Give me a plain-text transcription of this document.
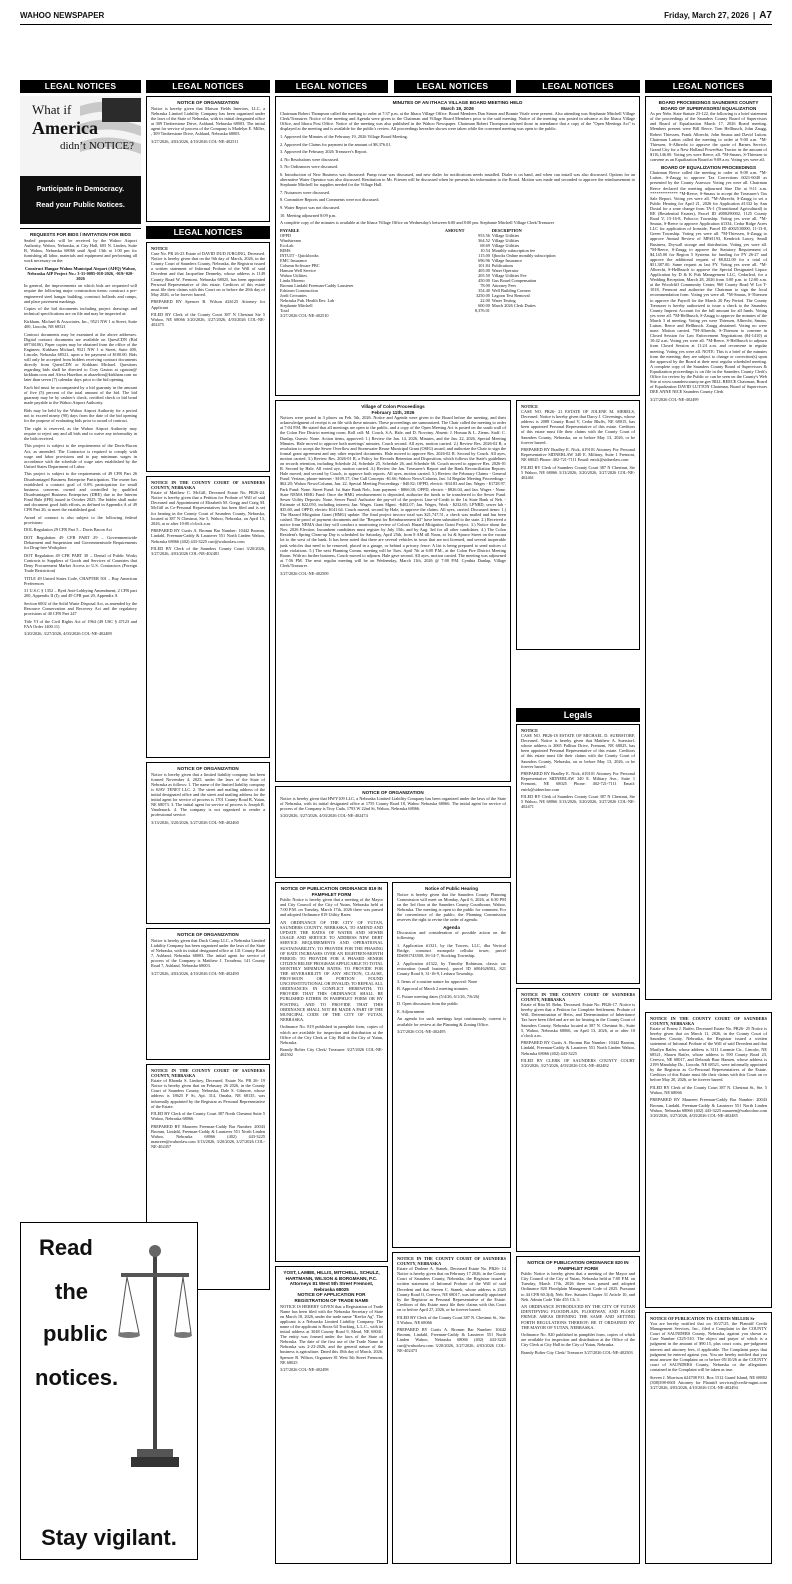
WAHOO NEWSPAPER	Friday, March 27, 2026 | A7
LEGAL NOTICES	LEGAL NOTICES	LEGAL NOTICES	LEGAL NOTICES	LEGAL NOTICES	LEGAL NOTICES
LEGAL NOTICES
What if
America
didn’t NOTICE?
Participate in Democracy.
Read your Public Notices.
REQUESTS FOR BIDS / INVITATION FOR BIDS

Sealed proposals will be received by the Wahoo Airport Authority, Wahoo, Nebraska, at City Hall, 605 N. Linden, Suite B, Wahoo, Nebraska 68066 until April 13th at 1:00 pm for furnishing all labor, materials and equipment and performing all work necessary on the:

Construct Hangar Wahoo Municipal Airport (AHQ) Wahoo, Nebraska AIP Project No.: 3-31-0085-018-2026, -019/-020-2026

In general, the improvements on which bids are requested will require the following major construction items: construct a pre-engineered steel hangar building, construct bollards and ramps, and place pavement markings.

Copies of the bid documents including project drawings and technical specifications are on file and may be inspected at:

Kirkham, Michael & Associates, Inc., 9521 NW 1 st Street, Suite 400, Lincoln, NE 68521

Contract documents may be examined at the above addresses. Digital contract documents are available on QuestCDN (Bid #9736106). Paper copies may be obtained from the office of the Engineer, Kirkham Michael, 9521 NW 1 st Street, Suite 400, Lincoln, Nebraska 68521, upon a fee payment of $100.00. Bids will only be accepted from bidders receiving contract documents directly from QuestCDN or Kirkham Michael. Questions regarding bids shall be directed to Cory Gaston at cgaston@ kirkham.com and Alexa Hazelton at ahazelton@kirkham.com no later than seven (7) calendar days prior to the bid opening.

Each bid must be accompanied by a bid guaranty in the amount of five (5) percent of the total amount of the bid. The bid guaranty may be by cashier's check, certified check or bid bond made payable to the Wahoo Airport Authority.

Bids may be held by the Wahoo Airport Authority for a period not to exceed ninety (90) days from the date of the bid opening for the purpose of evaluating bids prior to award of contract.

The right is reserved, as the Wahoo Airport Authority may require to reject any and all bids and to waive any informality in the bids received.

This project is subject to the requirements of the Davis-Bacon Act, as amended. The Contractor is required to comply with wage and labor provisions and to pay minimum wages in accordance with the schedule of wage rates established by the United States Department of Labor.

This project is subject to the requirements of 49 CFR Part 26 Disadvantaged Business Enterprise Participation. The owner has established a contract goal of 0.0% participation for small business concerns owned and controlled by qualified Disadvantaged Business Enterprises (DBE) due to the Interim Final Rule (IFR) issued in October 2025. The bidder shall make and document good faith efforts, as defined in Appendix A of 49 CFR Part 26, to meet the established goal.

Award of contract is also subject to the following federal provisions:

DOL Regulation 29 CFR Part 5 – Davis Bacon Act

DOT Regulation 49 CFR PART 29 – Governmentwide Debarment and Suspension and Governmentwide Requirements for Drug-free Workplace

DOT Regulation 49 CFR PART 30 – Denial of Public Works Contracts to Suppliers of Goods and Services of Countries that Deny Procurement Market Access to U.S. Contractors (Foreign Trade Restriction)

TITLE 49 United States Code, CHAPTER 501 – Buy American Preferences

31 U.S.C § 1352 – Byrd Anti-Lobbying Amendment; 2 CFR part 200, Appendix II (I); and 49 CFR part 20, Appendix A

Section 6002 of the Solid Waste Disposal Act, as amended by the Resource Conservation and Recovery Act and the regulatory provisions of 40 CFR Part 247

Title VI of the Civil Rights Act of 1964 (49 USC § 47123 and FAA Order 1400.11)

3/20/2026, 3/27/2026, 4/03/2026 COL-NE-402489

NOTICE OF ORGANIZATION

Notice is hereby given that Maison Fields Interiors, LLC, a Nebraska Limited Liability Company has been organized under the laws of the State of Nebraska, with its initial designated office at 309 Timberstone Drive, Ashland, Nebraska 68003. The initial agent for service of process of the Company is Madelyn E. Miller, , 309 Timberstone Drive, Ashland, Nebraska 68003.

3/27/2026, 4/03/2026, 4/10/2026 COL-NE-402511

NOTICE

Case No. PR 26-23 Estate of DAVID DUD JURGING, Deceased. Notice is hereby given that on the 9th day of March, 2026, in the County Court of Saunders County, Nebraska, the Registrar issued a written statement of Informal Probate of the Will of said Decedent and that Jacqueline Dennehy, whose address is 1149 County Road W, Fremont, Nebraska 68025, has been appointed Personal Representative of this estate. Creditors of this estate must file their claims with this Court on or before the 20th day of May 2026, or be forever barred.

PREPARED BY Spencer B. Wilson #26125 Attorney for Applicant

FILED BY Clerk of the County Court 387 N Chestnut Ste 5 Wahoo, NE 68066 3/20/2026, 3/27/2026, 4/03/2026 COL-NE-402475

NOTICE IN THE COUNTY COURT OF SAUNDERS COUNTY, NEBRASKA

Estate of Matthew C. McGill, Deceased Estate No. PR26-24. Notice is hereby given that a Petition for Probate of Will of said Deceased and Appointment of Elizabeth M. Gregg and Craig M. McGill as Co-Personal Representatives has been filed and is set for hearing in the County Court of Saunders County, Nebraska, located at 387 N Chestnut, Ste 5, Wahoo, Nebraska, on April 13, 2026, at or after 10:00 o'clock a.m.

PREPARED BY Curtis A. Bromm Bar Number: 10442 Bromm, Lindahl, Freeman-Caddy & Lausterer 551 North Linden Wahoo, Nebraska 68066 (402) 443-3225 curt@wahoolaw.com

FILED BY Clerk of the Saunders County Court 3/20/2026, 3/27/2026, 4/03/2026 COL-NE-402481

NOTICE OF ORGANIZATION

Notice is hereby given that a limited liability company has been formed November 4, 2025, under the laws of the State of Nebraska as follows: 1. The name of the limited liability company is SJAV TENET LLC. 2. The street and mailing address of the initial designated office and the street and mailing address for the initial agent for service of process is 1701 County Road B, Yutan, NE 68073. 3. The initial agent for service of process is Joseph R. Vandenack. 4. The company is not organized to render a professional service.

3/13/2026, 3/20/2026, 3/27/2026 COL-NE-402460

NOTICE OF ORGANIZATION

Notice is hereby given that Duck Camp LLC, a Nebraska Limited Liability Company has been organized under the laws of the State of Nebraska, with its initial designated office at 141 County Road 7, Ashland, Nebraska 68003. The initial agent for service of process of the Company is Matthew J. Troudeau, 141 County Road 7, Ashland, Nebraska 68003.

3/27/2026, 4/03/2026, 4/10/2026 COL-NE-402490

NOTICE IN THE COUNTY COURT OF SAUNDERS COUNTY, NEBRASKA

Estate of Rhonda S. Lindsey, Deceased. Estate No. PR 26- 19 Notice is hereby given that on February 26 2026, in the County Court of Saunders County, Nebraska, Dale S. Gilmore, whose address is 18625 F St, Apt. 314, Omaha, NE 68135, was informally appointed by the Registrar as Personal Representative of the Estate.

FILED BY Clerk of the County Court 387 North Chestnut Suite 5 Wahoo, Nebraska 68066

PREPARED BY Maureen Freeman-Caddy Bar Number: 20043 Bromm, Lindahl, Freeman-Caddy & Lausterer 551 North Linden Wahoo, Nebraska 68066 (402) 443-3225 maureen@wahoolaw.com 3/13/2026, 3/20/2026, 3/27/2026 COL-NE-402457

Read
the
public
notices.
Stay vigilant.
MINUTES OF AN ITHACA VILLAGE BOARD MEETING HELD
March 19, 2026

Chairman Robert Thompson called the meeting to order at 7:37 p.m. at the Ithaca Village Office. Board Members Dan Simon and Bonnie Vitale were present. Also attending was Stephanie Mitchell Village Clerk/Treasurer. Notice of the meeting and Agenda were given to the Chairman and Village Board Members prior to the said meeting. Notice of the meeting was posted in advance at the Ithaca Village Office, and Ithaca Post Office. Notice of the meeting was also published in the Wahoo Newspaper. Chairman Robert Thompson advised those in attendance that a copy of the "Open Meetings Act" is displayed at the meeting and is available for the public's review. All proceedings hereafter shown were taken while the convened meeting was open to the public.

1. Approved the Minutes of the February 19, 2026 Village Board Meeting.

2. Approved the Claims for payment in the amount of $8,376.01.

3. Approved the February 2026 Treasurer's Report.

4. No Resolutions were discussed.

5. No Ordinances were discussed.

6. Introduction of New Business was discussed: Pump issue was discussed, and new dialer for notifications needs installed. Dialer is on hand, and when can install was also discussed. Options for an alternative Water Operator was also discussed. Restitution to Mr. Friesen will be discussed when he presents his information to the Board. Motion was made and seconded to approve the reimbursement to Stephanie Mitchell for supplies needed for the Village Hall.

7. Nuisances were discussed.

8. Committee Reports and Comments were not discussed.

9. Water Report was not discussed.

10. Meeting adjourned 8:09 p.m.

A complete copy of the minutes is available at the Ithaca Village Office on Wednesday's between 6:00 and 8:00 pm. Stephanie Mitchell Village Clerk/Treasurer

PAYABLE	AMOUNT	DESCRIPTION
OPPD	953.56	Village Utilities
Windstream	364.52	Village Utilities
EcoLab	68.69	Village Utilities
RIMS	10.54	Monthly subscription fee
INTUIT - Quickbooks	115.00	Qbooks Online monthly subscription
EMC Insurance	696.96	Village Insurance
Column Software PBC	101.84	Publications
Hanson Well Service	405.00	Water Operator
Wahoo Utilities	205.50	Village Utilities Fee
Linda Moreno	450.00	Gus Board Compensation
Bromm Lindahl Freeman-Caddy Lausterer	78.00	Attorney Fees
Edstrom Construction	354.40	Well Building Corners
Jordi Cervantes	3250.00	Lagoon Test Removal
Nebraska Pub. Health Env. Lab	22.00	Water Testing
Stephanie Mitchell	600.00	March 2026 Clerk Duties
Total	8,376.01	

3/27/2026 COL-NE-402510

Village of Colon Proceedings
February 11th, 2026

Notices were posted in 3 places on Feb. 5th, 2026. Notice and Agenda were given to the Board before the meeting, and their acknowledgment of receipt is on file with these minutes. These proceedings are summarized. The Chair called the meeting to order at 7:04 P.M. He stated that all meetings are open to the public, and a copy of the Open Meeting Act is posted on the south wall of the Colon Fire District meeting room. Roll call: M. Couch, S.A. Hale, and D. Novotny. Absent: J. Homan & L. Ziems. Staff: C. Dunlap, Guests: None. Action items, approved: 1.) Review the Jan. 14, 2026, Minutes, and the Jan. 22, 2026, Special Meeting Minutes. Hale moved to approve both meetings' minutes, Couch second. All ayes, motion carried. 2.) Review Res. 2026-02 R, a resolution to accept the Sewer Overflow and Stormwater Reuse Municipal Grant (OSIG) award, and authorize the Chair to sign the formal grant agreement and any other required documents. Hale moved to approve Res. 2026-02 R. Second by Couch. All ayes, motion carried. 3.) Review Res. 2026-01 R, a Policy for Records Retention and Disposition, which follows the State's guidelines on records retention, including Schedule 24, Schedule 25, Schedule 26, and Schedule 66. Couch moved to approve Res. 2026-01 R. Second by Hale. All voted aye, motion carried. 4.) Review the Jan. Treasurer's Report and the Bank Reconciliation Reports. Hale moved, and second by Couch, to approve both reports. All ayes, motion carried. 5.) Review the February Claims - General Fund: Verizon, phone-internet - $109.17; One Call Concepts -$1.66; Wahoo News/Column, Jan. 14 Regular Meeting Proceedings - $62.20; Wahoo News/Column, Jan. 22, Special Meeting Proceedings - $40.82; OPPD, electric -$34.83 and Jan. Wages - $1728.97. Park Fund: None. Street Fund: 1st State Bank Neb., loan payment - $866.38; OPPD, electric - $826.04, and Jan. Wages - None. State NEMA HMG Fund: Once the HMG reimbursement is deposited, authorize the funds to be transferred to the Sewer Fund. Sewer Utility Deposits: None. Sewer Fund: Authorize the pay-off of the projects Line-of-Credit to the 1st State Bank of Neb. - Estimate of $22,050, including interest; Jan. Wages. Grant Mgmt. -$402.07; Jan. Wages, Work - $232.65; LPNRD, sewer lab - $35.60, and OPPD, electric $141.64. Couch moved, second by Hale, to approve the claims. All ayes, carried. Discussed items: 1.) The Hazard Mitigation Grant (HMG) update: The final project invoice total was $21,747.51, a check was mailed and has been cashed. The proof of payment documents and the "Request for Reimbursement #3" have been submitted to the state. 2.) Received a notice from NEMA that they will conduct a monitoring review of Colon's Hazard Mitigation Grant Project. 3.) Notice about the Nov. 2026 Election. Incumbent candidates must register by July 15th, and by Aug. 3rd for all other candidates. 4.) The Colon Resident's Spring Clean-up Day is scheduled for Saturday, April 25th, from 8 AM till Noon, at 1st & Spruce Street on the vacant lot to the west of the bank. It has been noted that there are several vehicles in town that are not licensed, and several inoperable junk vehicles that need to be removed, placed in a garage, or behind a privacy fence. A list is being prepared to send notices of code violations. 5.) The next Planning Comm. meeting will be Tues. April 7th at 6:00 P.M., at the Colon Fire District Meeting Room. With no further business, Couch moved to adjourn. Hale gave second. All ayes, motion carried. The meeting was adjourned at 7:56 PM. The next regular meeting will be on Wednesday, March 11th, 2026 @ 7:00 P.M. Cynthia Dunlap, Village Clerk/Treasurer.

3/27/2026 COL-NE-402509

NOTICE OF ORGANIZATION

Notice is hereby given that HWY109 LLC, a Nebraska Limited Liability Company has been organized under the laws of the State of Nebraska, with its initial designated office at 1755 County Road 18, Wahoo Nebraska 68066. The initial agent for service of process of the Company is Troy Cada, 1793 W 22nd St, Wahoo, Nebraska 68066.

3/20/2026, 3/27/2026, 4/03/2026 COL-NE-402474

NOTICE OF PUBLICATION ORDINANCE 819 IN PAMPHLET FORM

Public Notice is hereby given that a meeting of the Mayor and City Council of the City of Yutan, Nebraska held at 7:00 P.M. on Tuesday, March 17th, 2026 there was passed and adopted Ordinance 819 Utility Rates:

AN ORDINANCE OF THE CITY OF YUTAN, SAUNDERS COUNTY, NEBRASKA, TO AMEND AND UPDATE THE RATES OF WATER AND SEWER USAGE AND SERVICE TO ADDRESS NEW DEBT SERVICE REQUIREMENTS AND OPERATIONAL SUSTAINABILITY; TO PROVIDE FOR THE PHASING OF RATE INCREASES OVER AN EIGHTEEN-MONTH PERIOD; TO PROVIDE FOR A PHASED SENIOR CITIZEN RELIEF PROGRAM APPLICABLE TO TOTAL MONTHLY MINIMUM RATES; TO PROVIDE FOR THE SEVERABILITY OF ANY SECTION, CLAUSE, PROVISION OR PORTION FOUND UNCONSTITUTIONAL OR INVALID; TO REPEAL ALL ORDINANCES IN CONFLICT HEREWITH; TO PROVIDE THAT THIS ORDINANCE SHALL BE PUBLISHED EITHER IN PAMPHLET FORM OR BY POSTING; AND TO PROVIDE THAT THIS ORDINANCE SHALL NOT BE MADE A PART OF THE MUNICIPAL CODE OF THE CITY OF YUTAN, NEBRASKA.

Ordinance No. 819 published in pamphlet form, copies of which are available for inspection and distribution at the Office of the City Clerk at City Hall in the City of Yutan, Nebraska.

Brandy Bolter City Clerk/ Treasurer 3/27/2026 COL-NE-402502

Notice of Public Hearing

Notice is hereby given that the Saunders County Planning Commission will meet on Monday, April 6, 2026, at 6:30 PM on the 3rd floor at the Saunders County Courthouse, Wahoo, Nebraska. The meeting is open to the public for comment. For the convenience of the public, the Planning Commission reserves the right to revise the order of agenda.

Agenda

Discussion and consideration of possible action on the following:

1. Application #1321, by the Towers, LLC, dba Vertical Bridge, construct monopole cellular tower, parcel ID#001743500, 36-14-7, Stocking Township.

2. Application #1322, by Timothy Robinson, classic car restoration (small business), parcel ID #004626502, 821 County Road S, 31-16-9, Leshara Township.

3. Items of a routine nature for approval: None

B. Approval of March 2 meeting minutes

C. Future meeting dates (5/4/26, 6/1/26, 7/6/26)

D. Open discussion from the public

E. Adjournment

An agenda for such meetings kept continuously current is available for review at the Planning & Zoning Office.

3/27/2026 COL-NE-402495

YOST, LAMBE, HILLIS, MITCHELL, SCHULZ, HARTMANN, WILSON & BORGMANN, P.C. Attorneys 81 West 5th Street Fremont, Nebraska 68025
NOTICE OF APPLICATION FOR REGISTRATION OF TRADE NAME

NOTICE IS HEREBY GIVEN that a Registration of Trade Name has been filed with the Nebraska Secretary of State on March 18, 2026, under the trade name "Keelor Ag". The applicant is a Nebraska Limited Liability Company. The name of the applicant is Roots 64 Trucking, L.L.C., with its initial address at 3048 County Road 9, Mead, NE 68041. The entity was formed under the laws of the State of Nebraska. The date of the first use of the Trade Name in Nebraska was 2-23-2026, and the general nature of the business is agriculture. Dated this 18th day of March, 2026. Spencer B. Wilson, Organizer 81 West 5th Street Fremont, NE 68025

3/27/2026 COL-NE-402498

NOTICE IN THE COUNTY COURT OF SAUNDERS COUNTY, NEBRASKA

Estate of Darlene A. Stanek, Deceased Estate No. PR26- 14 Notice is hereby given that on February 17 2026, in the County Court of Saunders County, Nebraska, the Registrar issued a written statement of Informal Probate of the Will of said Decedent and that Steven C. Stanek, whose address is 2325 County Road O, Ceresco, NE 68017, was informally appointed by the Registrar as Personal Representative of the Estate. Creditors of this Estate must file their claims with this Court on or before April 27, 2026, or be forever barred.

FILED BY Clerk of the County Court 387 N. Chestnut St., Ste. 5 Wahoo, NE 68066

PREPARED BY Curtis A. Bromm Bar Number: 10442 Bromm, Lindahl, Freeman-Caddy & Lausterer 551 North Linden Wahoo, Nebraska 68066 (402) 443-3225 curt@wahoolaw.com 3/20/2026, 3/27/2026, 4/03/2026 COL-NE-402473

NOTICE

CASE NO. PR26- 21 ESTATE OF JOLENE M. SIEBELS, Deceased. Notice is hereby given that Darcy J. Clevenings, whose address is 2088 County Road V, Cedar Bluffs, NE 68015, has been appointed Personal Representative of this estate. Creditors of this estate must file their claims with the County Court of Saunders County, Nebraska, on or before May 13, 2026, or be forever barred.

PREPARED BY Bradley E. Nick, #19101 Attorney For Personal Representative SIDNERLAW 340 E. Military, Suite 1 Fremont, NE 68025 Phone: 402-721-7111 Email: enick@sidnerlaw.com

FILED BY Clerk of Saunders County Court 387 N Chestnut, Ste 5 Wahoo, NE 68066 3/13/2026, 3/20/2026, 3/27/2026 COL-NE-402461

Legals
NOTICE

CASE NO. PR26-18 ESTATE OF MICHAEL D. SUERSTORF, Deceased. Notice is hereby given that Matthew A. Suerstorf, whose address is 2065 Pallisar Drive, Fremont, NE 68025, has been appointed Personal Representative of this estate. Creditors of this estate must file their claims with the County Court of Saunders County, Nebraska, on or before May 13, 2026, or be forever barred.

PREPARED BY Bradley E. Nick, #19101 Attorney For Personal Representative SIDNERLAW 340 E. Military Ave., Suite 1 Fremont, NE 68025 Phone: 402-721-7111 Email: enick@sidnerlaw.com

FILED BY Clerk of Saunders County Court 387 N Chestnut, Ste 5 Wahoo, NE 68066 3/13/2026, 3/20/2026, 3/27/2026 COL-NE-402471

NOTICE IN THE COUNTY COURT OF SAUNDERS COUNTY, NEBRASKA

Estate of Rita M. Rehn, Deceased. Estate No. PR26-17. Notice is hereby given that a Petition for Complete Settlement, Probate of Will, Determination of Heirs, and Determination of Inheritance Tax have been filed and are set for hearing in the County Court of Saunders County, Nebraska located at 387 N. Chestnut St., Suite 5, Wahoo, Nebraska 68066, on April 13, 2026, at or after 10 o'clock a.m.

PREPARED BY Curtis A. Bromm Bar Number: 10442 Bromm, Lindahl, Freeman-Caddy & Lausterer 551 North Linden Wahoo, Nebraska 68066 (402) 443-3225

FILED BY CLERK OF SAUNDERS COUNTY COURT 3/20/2026, 3/27/2026, 4/03/2026 COL-NE-402482

NOTICE OF PUBLICATION ORDINANCE 820 IN PAMPHLET FORM

Public Notice is hereby given that a meeting of the Mayor and City Council of the City of Yutan, Nebraska held at 7:00 P.M. on Tuesday, March 17th, 2026 there was passed and adopted Ordinance 820 Floodplain Management Code of 2025. Pursuant to 44 CFR 60.3(d); Neb. Rev. Statutes Chapter 31 Article 10, and Neb. Admin Code Title 455 Ch. 1:

AN ORDINANCE INTRODUCED BY THE CITY OF YUTAN IDENTIFYING FLOODPLAIN, FLOODWAY, AND FLOOD FRINGE AREAS DEFINING THE SAME AND SETTING FORTH REGULATIONS THEREOF; BE IT ORDAINED BY THE MAYOR OF YUTAN, NEBRASKA.

Ordinance No. 820 published in pamphlet form, copies of which are available for inspection and distribution at the Office of the City Clerk at City Hall in the City of Yutan, Nebraska.

Brandy Bolter City Clerk/ Treasurer 3/27/2026 COL-NE-402503

BOARD PROCEEDINGS SAUNDERS COUNTY BOARD OF SUPERVISORS/ EQUALIZATION

As per Nebr. State Statute 23-122, the following is a brief statement of the proceedings of the Saunders County Board of Supervisors and Board of Equalization March 17, 2026 Board meeting. Members present were Bill Reece, Tom Hellbusch, John Zaugg, Robert Thiessen, Frank Albrecht, John Smaus and David Lutton. Chairman Lutton called the meeting to order at 9:00 a.m. *M-Thiessen, S-Albrecht to approve the quote of Barnes Service, Grand City for a New Holland PowerStar Tractor in the amount of $116,146.00. Voting yes were Reece, all. *M-Smaus, S-Thiessen to convene as an Equalization Board at 9:08 a.m. Voting yes were all.

BOARD OF EQUALIZATION PROCEEDINGS

Chairman Reece called the meeting to order at 9:08 a.m. *M-Lutton, S-Zaugg to approve Tax Corrections 6021-6040 as presented by the County Assessor. Voting yes were all. Chairman Reece declared the meeting adjourned Sine Die at 9:11 a.m. ************* *M-Reece, S-Smaus to accept the Treasurer's Tax Sale Report. Voting yes were all. *M-Albrecht, S-Zaugg to set a Public Hearing for April 21, 2026 for Application #1332 by Ann Dostal for a zone change from TA-1 (Transitional Agricultural) to RE (Residential Estates), Parcel ID #000290002, 1125 County Road V, 15-16-8, Pohocco Township. Voting yes were all. *M-Smaus, S-Reece to approve Application #1334, Cedar Ridge Acres LLC for application of Ironside, Parcel ID #002510000, 11-13-8, Green Township. Voting yes were all. *M-Thiessen, S-Zaugg to approve Annual Review of MP#1193, Kendrick Lawry, Small Business, Drywall storage and distribution. Voting yes were all. *M-Reece, S-Zaugg to approve the Statutory Requirement of $4,145.00 for Region 5 Systems for funding for FY 26-27 and approve the additional request of $8,822.00 for a total of $51,387.00. Same request as last FY. Voting yes were all. *M-Albrecht, S-Hellbusch to approve the Special Designated Liquor Application by D & K Pub Management LLC, Cedarleaf, for a Wedding Reception, March 28, 2026 from 3:00 p.m. to 12:00 a.m. at the Woodcliff Community Center, 960 County Road W Lot T-1018, Fremont and authorize the Chairman to sign the local recommendation form. Voting yes were all. *M-Smaus, S-Thiessen to approve the Payroll for the March 20 Pay Period. The County Treasurer is hereby authorized to issue a check to the Saunders County Imprest Account for the full amount for all funds. Voting yes were all. *M-Hellbusch, S-Zaugg to approve the minutes of the March 3 rd meeting. Voting yes were Thiessen, Albrecht, Smaus, Lutton, Reece and Hellbusch. Zaugg abstained. Voting no were none. Motion carried. *M-Albrecht, S-Thiessen to convene in Closed Session for Law Enforcement Negotiations (84-1410) at 10:42 a.m. Voting yes were all. *M-Reece, S-Hellbusch to adjourn from Closed Session at 11:24 a.m. and reconvene in regular meeting. Voting yes were all. NOTE: This is a brief of the minutes from the meeting; they are subject to change or correction(s) upon the approval by the Board at their next regular scheduled meeting. A complete copy of the Saunders County Board of Supervisors & Equalization proceedings is on file in the Saunders County Clerk's Office for review by the Public or can be seen on the County's Web Site at www.saunderscounty.ne.gov BILL REECE Chairman, Board of Equalization DAVID LUTTON Chairman, Board of Supervisors DEE ANNE NICE Saunders County Clerk

3/27/2026 COL-NE-402499

NOTICE IN THE COUNTY COURT OF SAUNDERS COUNTY, NEBRASKA

Estate of Ernest J. Raifer, Deceased Estate No. PR26- 25 Notice is hereby given that on March 11, 2026, in the County Court of Saunders County, Nebraska, the Registrar issued a written statement of Informal Probate of the Will of said Decedent and that Marilyn Raifer, whose address is 3111 Laramie Cir., Lincoln, NE 68521, Shawn Raifer, whose address is 590 County Road 23, Ceresco, NE 68017, and Deborah Burr Hansen, whose address is 2199 Mandalay Dr., Lincoln, NE 68521, were informally appointed by the Registrar as Co-Personal Representatives of the Estate. Creditors of this Estate must file their claims with this Court on or before May 20, 2026, or be forever barred.

FILED BY Clerk of the County Court 387 N. Chestnut St., Ste. 5 Wahoo, NE 68066

PREPARED BY Maureen Freeman-Caddy Bar Number: 20043 Bromm, Lindahl, Freeman-Caddy & Lausterer 551 North Linden Wahoo, Nebraska 68066 (402) 443-3225 maureen@wahoolaw.com 3/20/2026, 3/27/2026, 4/03/2026 COL-NE-402485

NOTICE OF PUBLICATION TO: CURTIS MILLER Sr

You are hereby notified that on 10/27/25, the Plaintiff Credit Management Services, Inc., filed a Complaint in the COUNTY Court of SAUNDERS County, Nebraska, against you shown as Case Number CI25-510. The object and prayer of which is a judgment in the amount of $90.15, plus court costs, pre-judgment interest and attorney fees, if applicable. The Complaint prays that judgment be entered against you. You are hereby notified that you must answer the Complaint on or before 05/10/26 at the COUNTY court of SAUNDERS County, Nebraska or the allegations contained in the Complaint will be taken as true.

Steven J. Morrison #24708 P.O. Box 1512 Grand Island, NE 68802 (308)398-0601 Attorney for Plaintiff services@credit-mgmt.com 3/27/2026, 4/03/2026, 4/10/2026 COL-NE-402494
